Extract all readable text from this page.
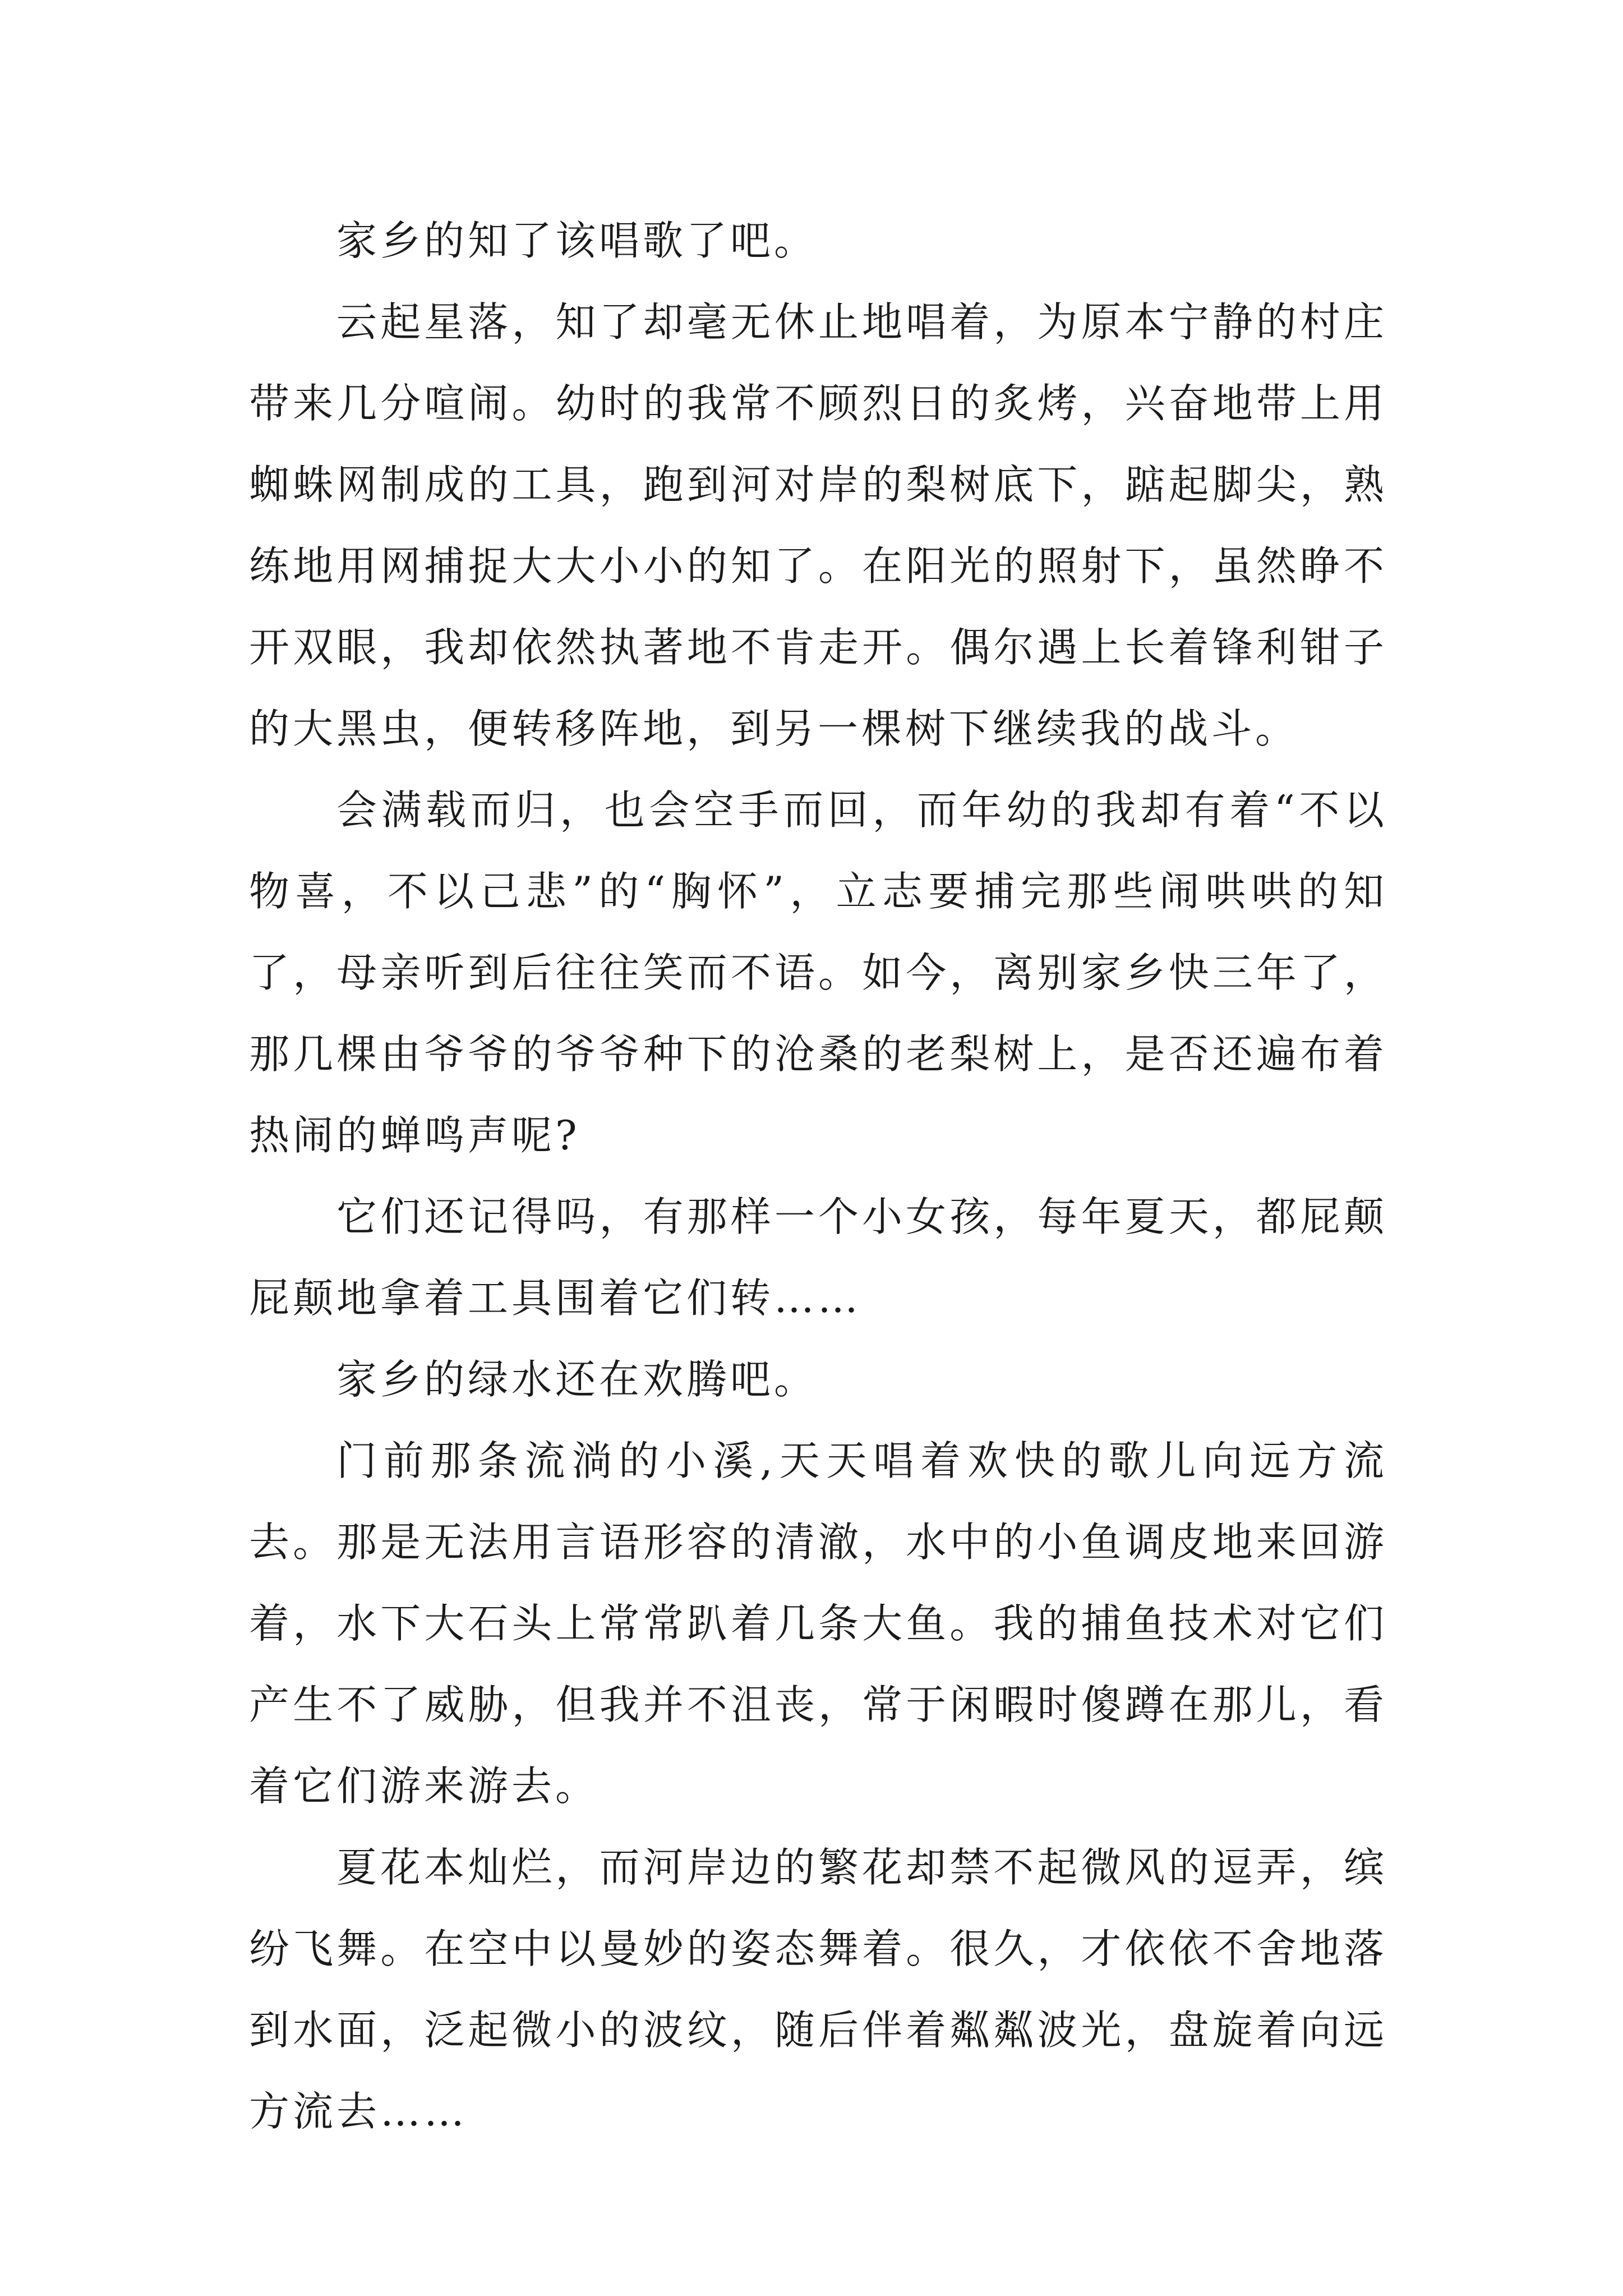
家乡的知了该唱歌了吧。

云起星落，知了却毫无休止地唱着，为原本宁静的村庄带来几分喧闹。幼时的我常不顾烈日的炙烤，兴奋地带上用蜘蛛网制成的工具，跑到河对岸的梨树底下，踮起脚尖，熟练地用网捕捉大大小小的知了。在阳光的照射下，虽然睁不开双眼，我却依然执著地不肯走开。偶尔遇上长着锋利钳子的大黑虫，便转移阵地，到另一棵树下继续我的战斗。

会满载而归，也会空手而回，而年幼的我却有着“不以物喜，不以己悲”的“胸怀”，立志要捕完那些闹哄哄的知了，母亲听到后往往笑而不语。如今，离别家乡快三年了，那几棵由爷爷的爷爷种下的沧桑的老梨树上，是否还遍布着热闹的蝉鸣声呢?

它们还记得吗，有那样一个小女孩，每年夏天，都屁颠屁颠地拿着工具围着它们转……

家乡的绿水还在欢腾吧。

门前那条流淌的小溪,天天唱着欢快的歌儿向远方流去。那是无法用言语形容的清澈，水中的小鱼调皮地来回游着，水下大石头上常常趴着几条大鱼。我的捕鱼技术对它们产生不了威胁，但我并不沮丧，常于闲暇时傻蹲在那儿，看着它们游来游去。

夏花本灿烂，而河岸边的繁花却禁不起微风的逗弄，缤纷飞舞。在空中以曼妙的姿态舞着。很久，才依依不舍地落到水面，泛起微小的波纹，随后伴着粼粼波光，盘旋着向远方流去……
